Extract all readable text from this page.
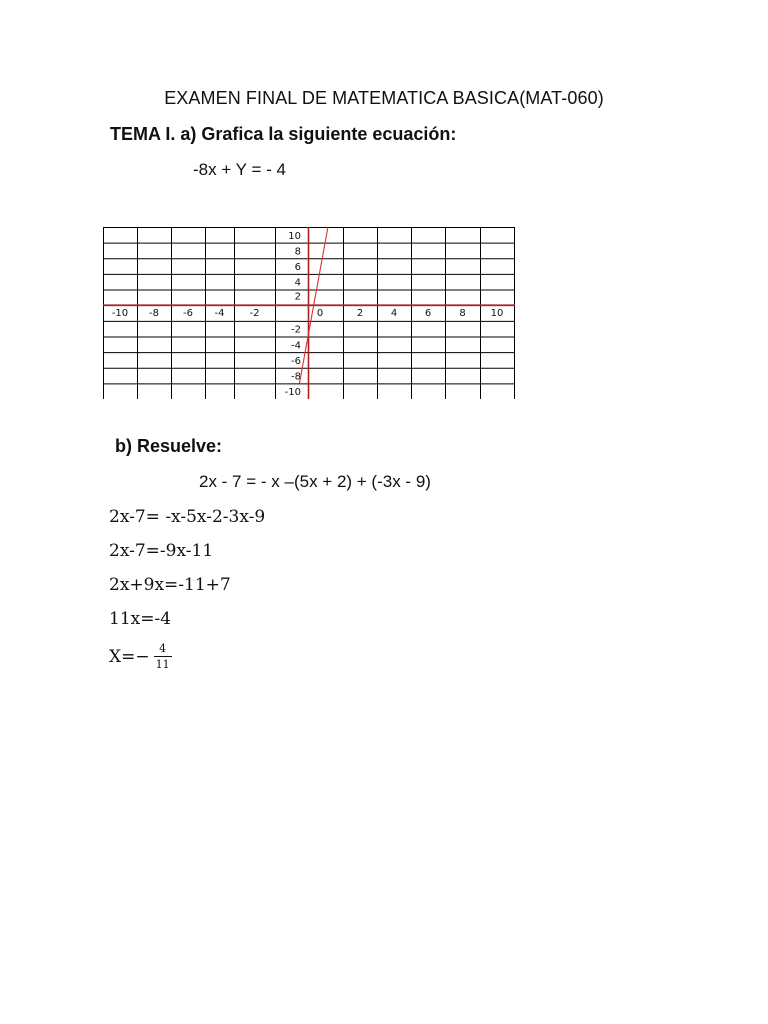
EXAMEN FINAL DE MATEMATICA BASICA(MAT-060)
TEMA I. a) Grafica la siguiente ecuación:
-8x + Y = - 4
-10 -8 -6 -4	-2	0	2	4	6	8 10
10
8
6
4
2
-2
-4
-6
-8
-10
b) Resuelve:
2x - 7 = - x –(5x + 2) + (-3x - 9)
2x-7= -x-5x-2-3x-9
2x-7=-9x-11
2x+9x=-11+7
11x=-4
$X=- \frac{4}{11}$
